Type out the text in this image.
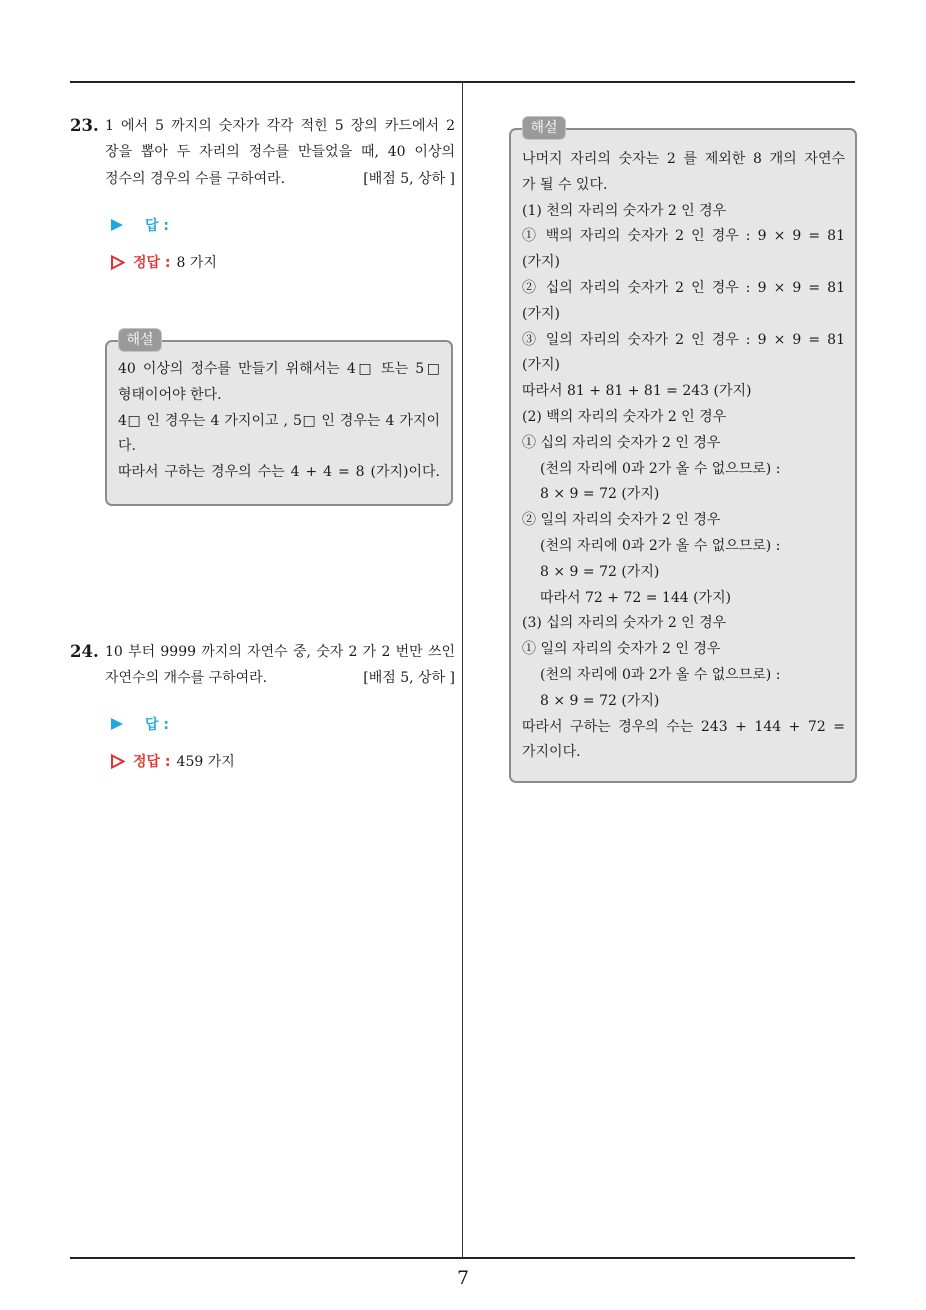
23. 1 에서 5 까지의 숫자가 각각 적힌 5 장의 카드에서 2
장을 뽑아 두 자리의 정수를 만들었을 때, 40 이상의
정수의 경우의 수를 구하여라.	[배점 5, 상하 ]
답 :
정답 : 8 가지
해설
40 이상의 정수를 만들기 위해서는 4□ 또는 5□
형태이어야 한다.
4□ 인 경우는 4 가지이고 , 5□ 인 경우는 4 가지이
다.
따라서 구하는 경우의 수는 4 + 4 = 8 (가지)이다.
24. 10 부터 9999 까지의 자연수 중, 숫자 2 가 2 번만 쓰인
자연수의 개수를 구하여라.	[배점 5, 상하 ]
답 :
정답 : 459 가지
해설
나머지 자리의 숫자는 2 를 제외한 8 개의 자연수
가 될 수 있다.
(1) 천의 자리의 숫자가 2 인 경우
① 백의 자리의 숫자가 2 인 경우 : 9 × 9 = 81
(가지)
② 십의 자리의 숫자가 2 인 경우 : 9 × 9 = 81
(가지)
③ 일의 자리의 숫자가 2 인 경우 : 9 × 9 = 81
(가지)
따라서 81 + 81 + 81 = 243 (가지)
(2) 백의 자리의 숫자가 2 인 경우
① 십의 자리의 숫자가 2 인 경우
(천의 자리에 0과 2가 올 수 없으므로) :
8 × 9 = 72 (가지)
② 일의 자리의 숫자가 2 인 경우
(천의 자리에 0과 2가 올 수 없으므로) :
8 × 9 = 72 (가지)
따라서 72 + 72 = 144 (가지)
(3) 십의 자리의 숫자가 2 인 경우
① 일의 자리의 숫자가 2 인 경우
(천의 자리에 0과 2가 올 수 없으므로) :
8 × 9 = 72 (가지)
따라서 구하는 경우의 수는 243 + 144 + 72 =
가지이다.
7
